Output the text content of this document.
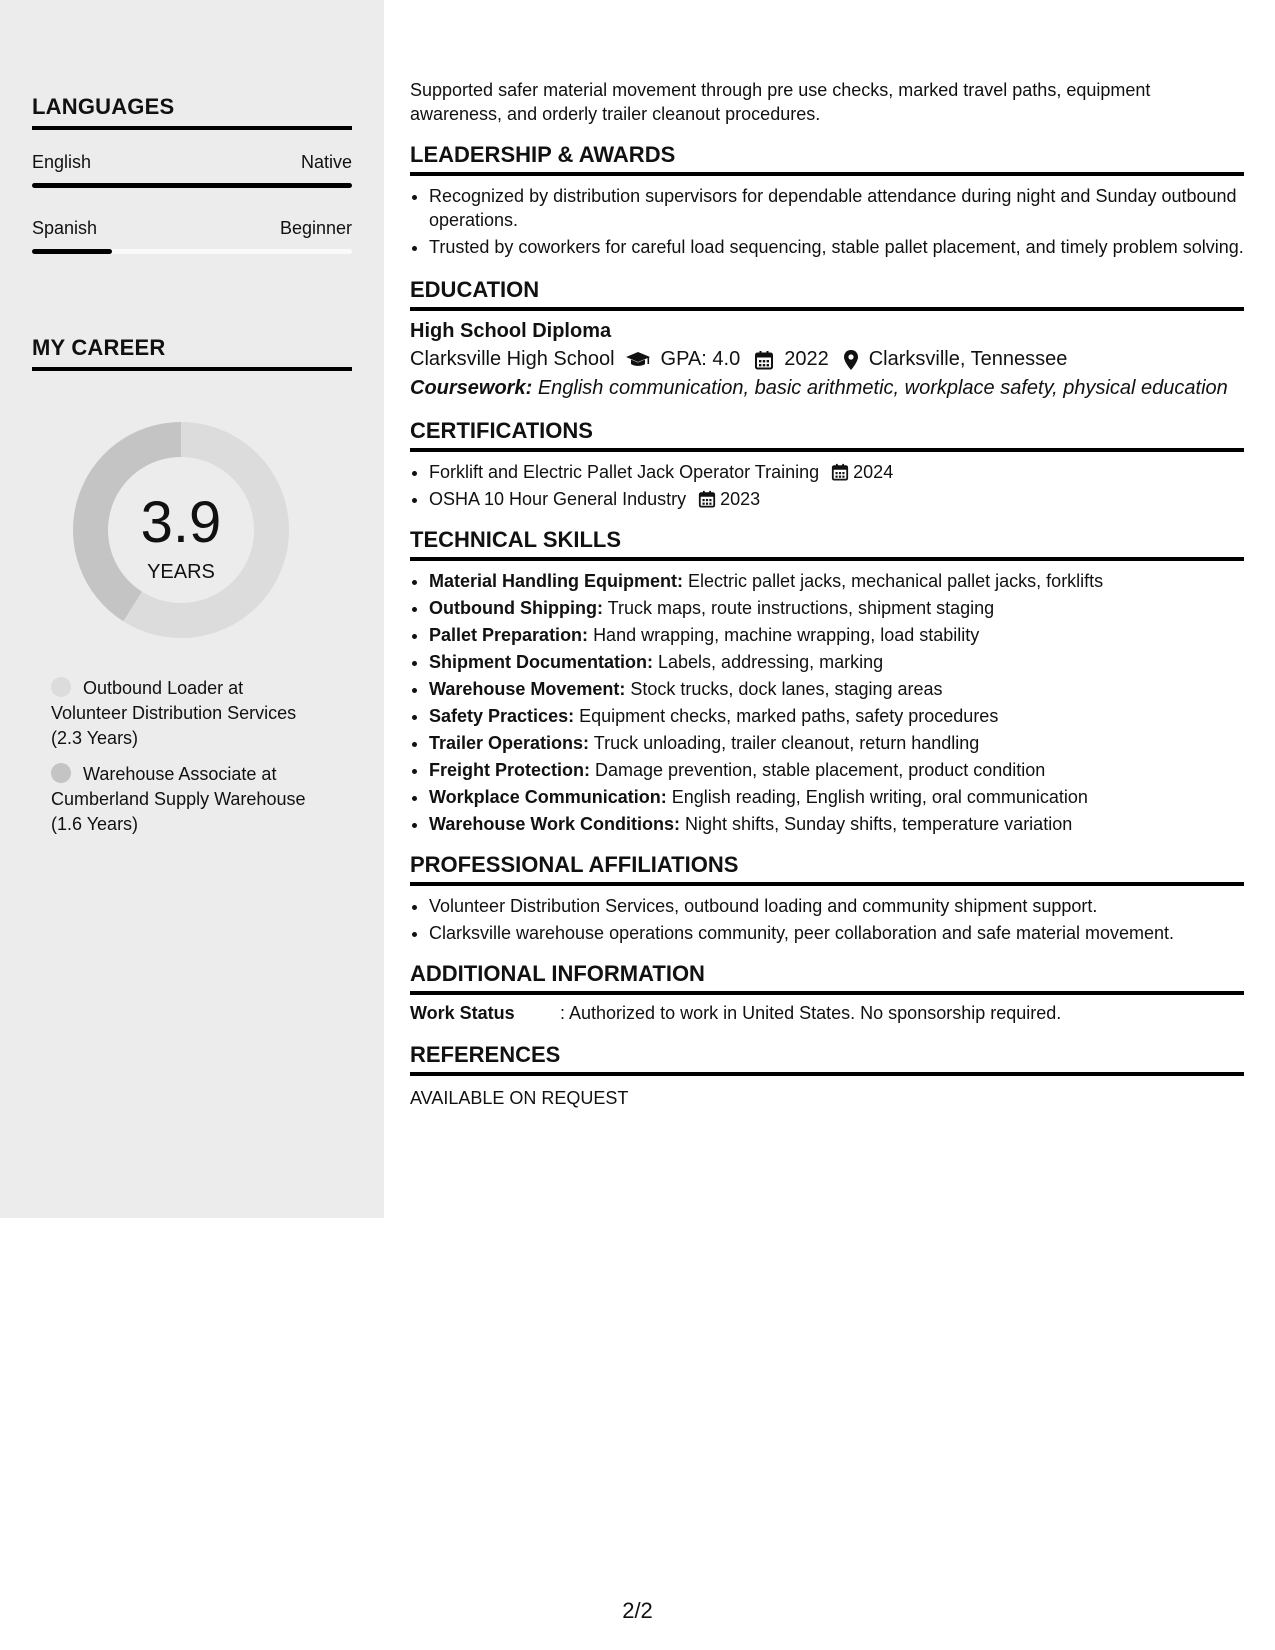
LANGUAGES
English	Native
Spanish	Beginner
MY CAREER
3.9
YEARS
Outbound Loader at Volunteer Distribution Services (2.3 Years)
Warehouse Associate at Cumberland Supply Warehouse (1.6 Years)

Supported safer material movement through pre use checks, marked travel paths, equipment awareness, and orderly trailer cleanout procedures.

LEADERSHIP & AWARDS
• Recognized by distribution supervisors for dependable attendance during night and Sunday outbound operations.
• Trusted by coworkers for careful load sequencing, stable pallet placement, and timely problem solving.
EDUCATION
High School Diploma
Clarksville High School GPA: 4.0 2022 Clarksville, Tennessee
Coursework: English communication, basic arithmetic, workplace safety, physical education
CERTIFICATIONS
• Forklift and Electric Pallet Jack Operator Training 2024
• OSHA 10 Hour General Industry 2023
TECHNICAL SKILLS
• Material Handling Equipment: Electric pallet jacks, mechanical pallet jacks, forklifts
• Outbound Shipping: Truck maps, route instructions, shipment staging
• Pallet Preparation: Hand wrapping, machine wrapping, load stability
• Shipment Documentation: Labels, addressing, marking
• Warehouse Movement: Stock trucks, dock lanes, staging areas
• Safety Practices: Equipment checks, marked paths, safety procedures
• Trailer Operations: Truck unloading, trailer cleanout, return handling
• Freight Protection: Damage prevention, stable placement, product condition
• Workplace Communication: English reading, English writing, oral communication
• Warehouse Work Conditions: Night shifts, Sunday shifts, temperature variation
PROFESSIONAL AFFILIATIONS
• Volunteer Distribution Services, outbound loading and community shipment support.
• Clarksville warehouse operations community, peer collaboration and safe material movement.
ADDITIONAL INFORMATION
Work Status	: Authorized to work in United States. No sponsorship required.
REFERENCES
AVAILABLE ON REQUEST
2/2
